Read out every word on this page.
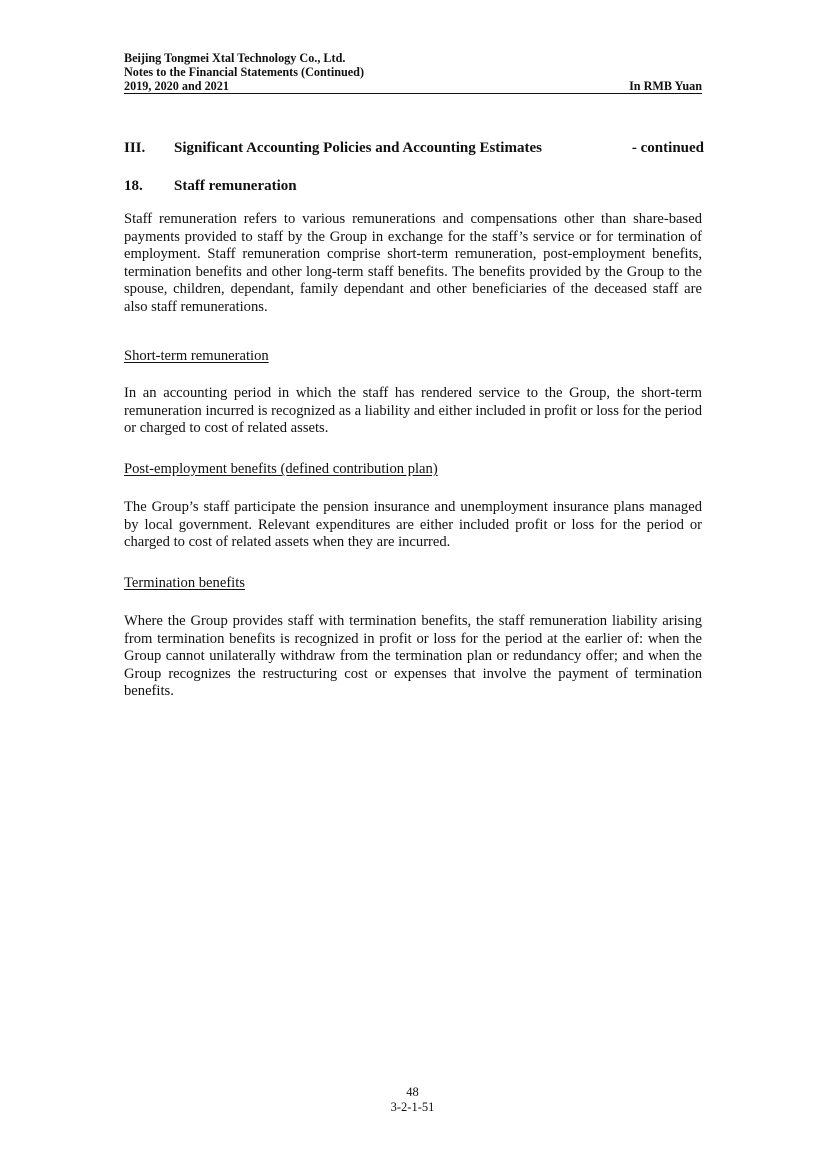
Beijing Tongmei Xtal Technology Co., Ltd.
Notes to the Financial Statements (Continued)
2019, 2020 and 2021	In RMB Yuan
III. Significant Accounting Policies and Accounting Estimates	- continued
18. Staff remuneration

Staff remuneration refers to various remunerations and compensations other than share-based payments provided to staff by the Group in exchange for the staff’s service or for termination of employment. Staff remuneration comprise short-term remuneration, post-employment benefits, termination benefits and other long-term staff benefits. The benefits provided by the Group to the spouse, children, dependant, family dependant and other beneficiaries of the deceased staff are also staff remunerations.

Short-term remuneration

In an accounting period in which the staff has rendered service to the Group, the short-term remuneration incurred is recognized as a liability and either included in profit or loss for the period or charged to cost of related assets.

Post-employment benefits (defined contribution plan)

The Group’s staff participate the pension insurance and unemployment insurance plans managed by local government. Relevant expenditures are either included profit or loss for the period or charged to cost of related assets when they are incurred.

Termination benefits

Where the Group provides staff with termination benefits, the staff remuneration liability arising from termination benefits is recognized in profit or loss for the period at the earlier of: when the Group cannot unilaterally withdraw from the termination plan or redundancy offer; and when the Group recognizes the restructuring cost or expenses that involve the payment of termination benefits.

48
3-2-1-51
